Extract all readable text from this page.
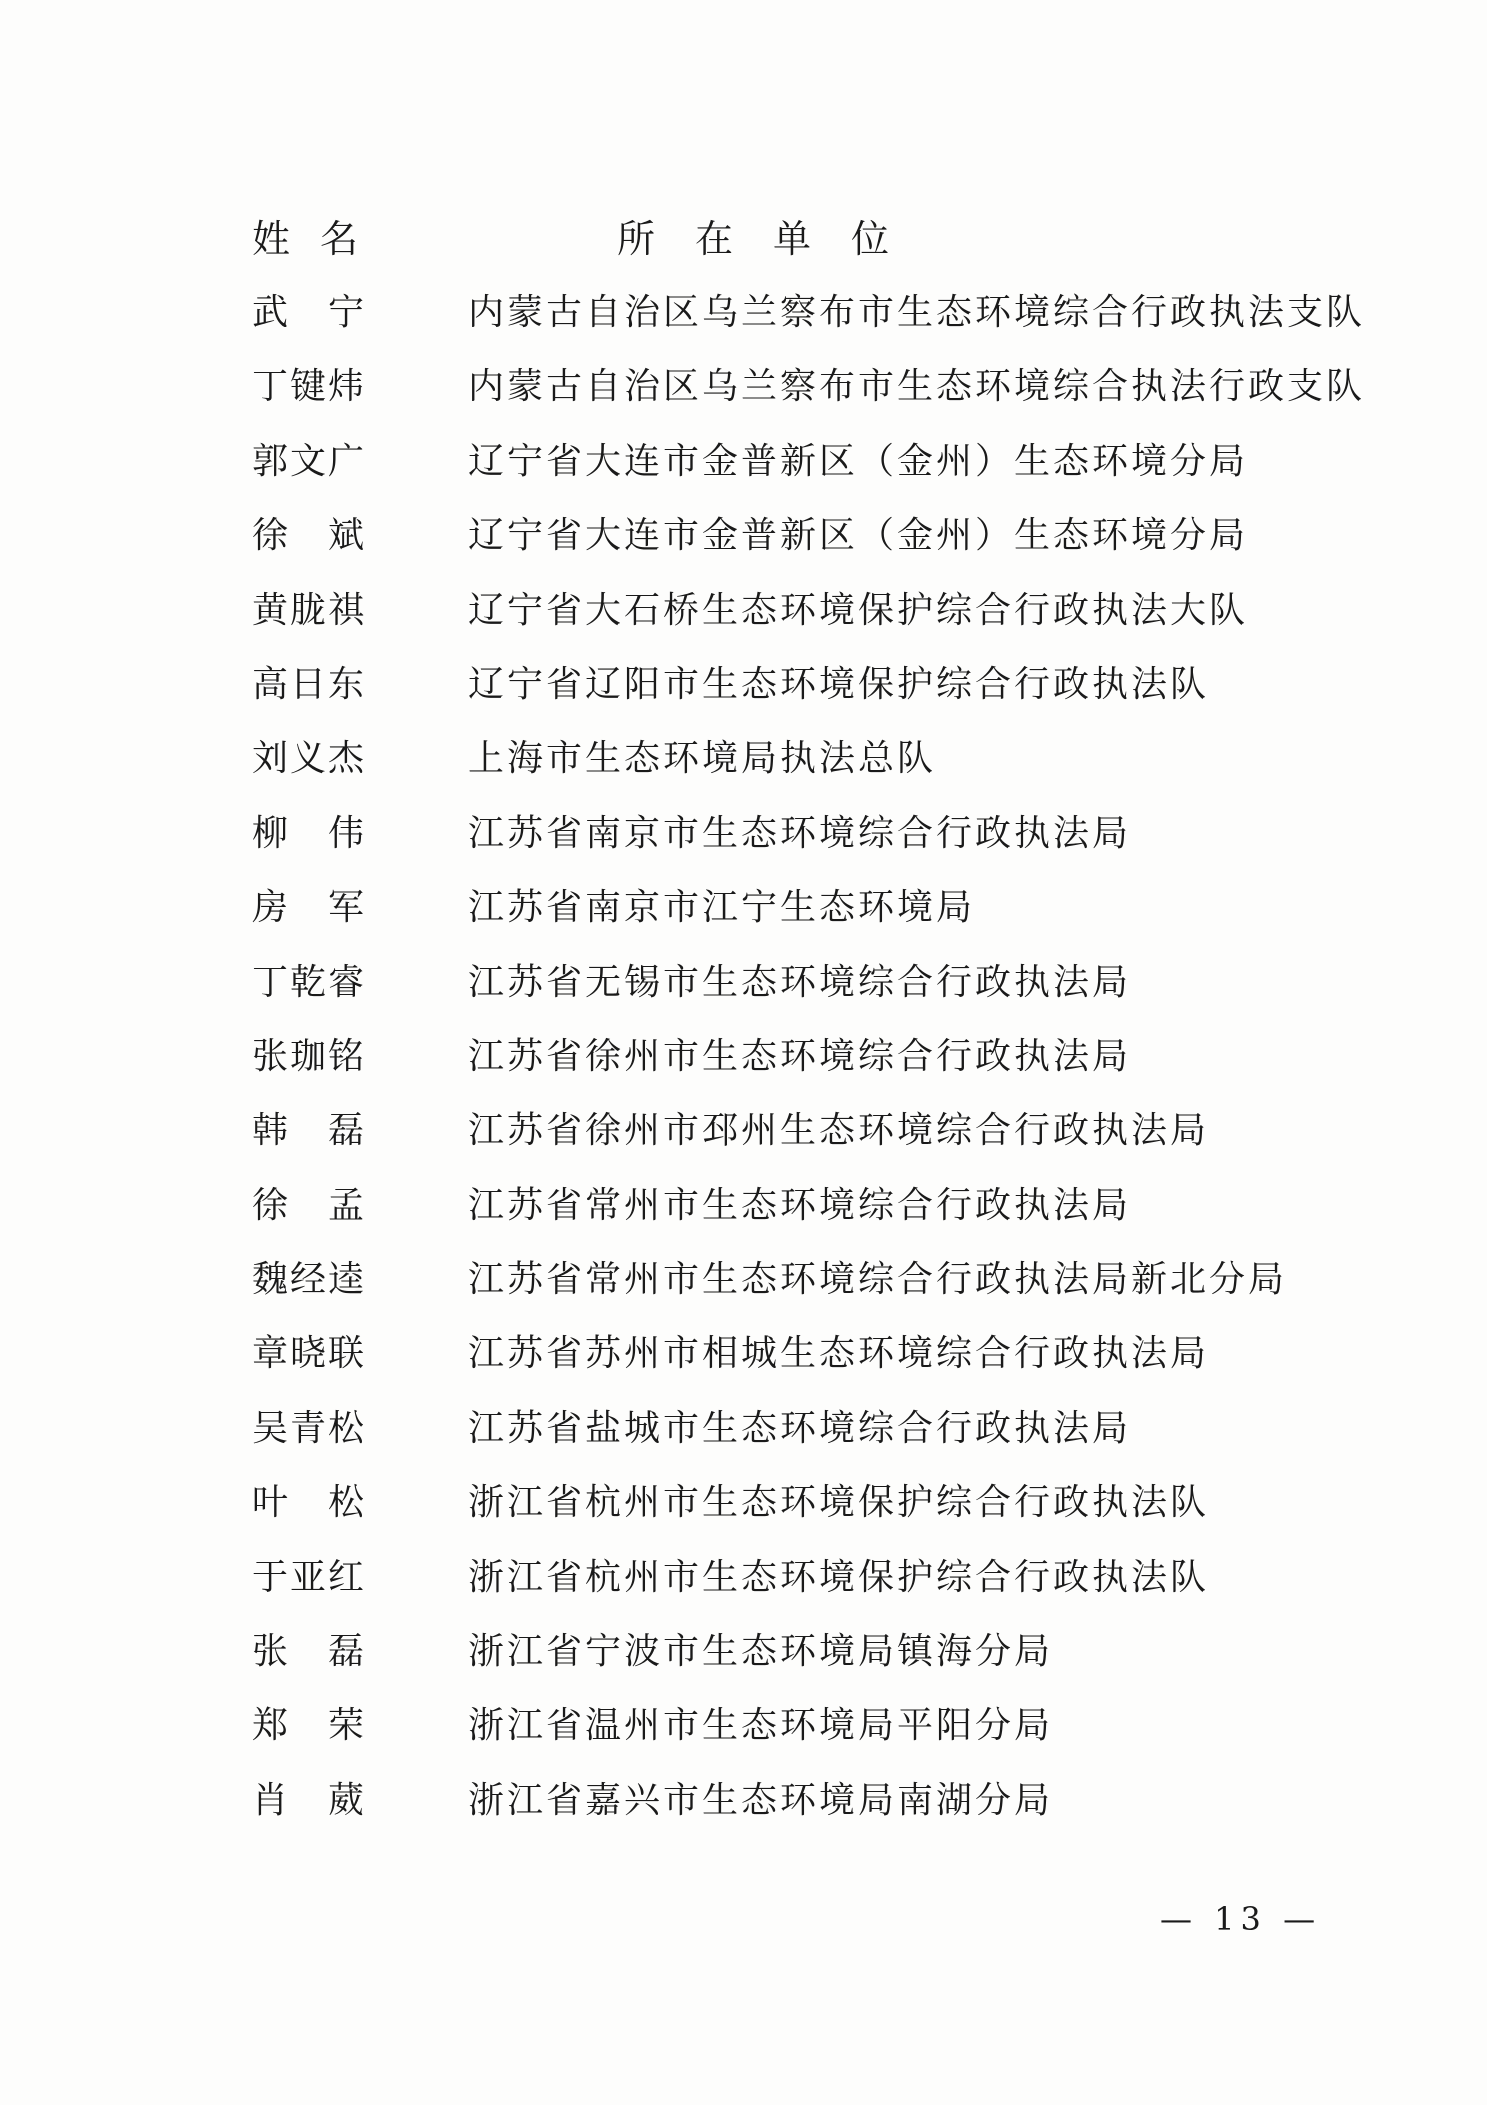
姓名	所在单位
武 宁	内蒙古自治区乌兰察布市生态环境综合行政执法支队
丁 键 炜	内蒙古自治区乌兰察布市生态环境综合执法行政支队
郭 文 广	辽宁省大连市金普新区（金州）生态环境分局
徐 斌	辽宁省大连市金普新区（金州）生态环境分局
黄 胧 祺	辽宁省大石桥生态环境保护综合行政执法大队
高 日 东	辽宁省辽阳市生态环境保护综合行政执法队
刘 义 杰	上海市生态环境局执法总队
柳 伟	江苏省南京市生态环境综合行政执法局
房 军	江苏省南京市江宁生态环境局
丁 乾 睿	江苏省无锡市生态环境综合行政执法局
张 珈 铭	江苏省徐州市生态环境综合行政执法局
韩 磊	江苏省徐州市邳州生态环境综合行政执法局
徐 孟	江苏省常州市生态环境综合行政执法局
魏 经 逵	江苏省常州市生态环境综合行政执法局新北分局
章 晓 联	江苏省苏州市相城生态环境综合行政执法局
吴 青 松	江苏省盐城市生态环境综合行政执法局
叶 松	浙江省杭州市生态环境保护综合行政执法队
于 亚 红	浙江省杭州市生态环境保护综合行政执法队
张 磊	浙江省宁波市生态环境局镇海分局
郑 荣	浙江省温州市生态环境局平阳分局
肖 葳	浙江省嘉兴市生态环境局南湖分局
— 13 —
